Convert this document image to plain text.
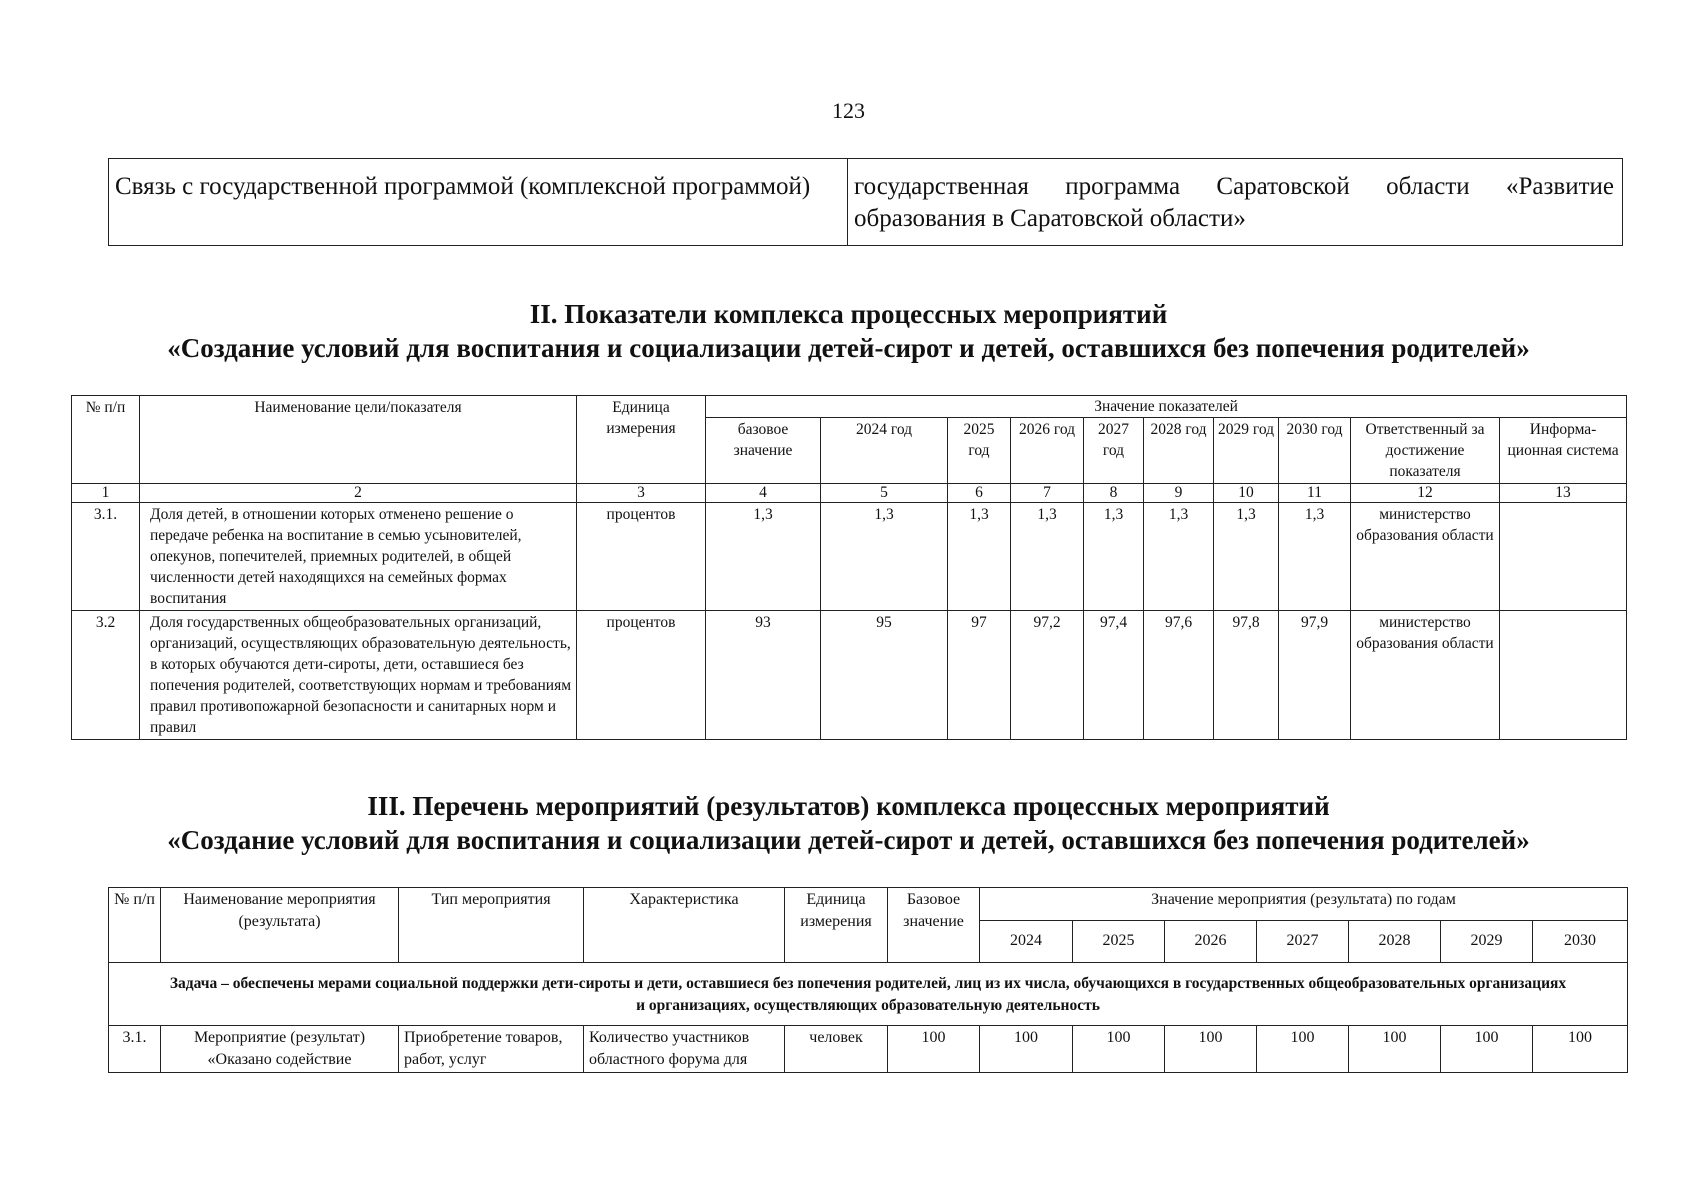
123
Связь с государственной программой (комплексной программой)	государственная программа Саратовской области «Развитие образования в Саратовской области»
II. Показатели комплекса процессных мероприятий
«Создание условий для воспитания и социализации детей-сирот и детей, оставшихся без попечения родителей»
№ п/п	Наименование цели/показателя	Единица измерения	Значение показателей									
			базовое значение	2024 год	2025 год	2026 год	2027 год	2028 год	2029 год	2030 год	Ответственный за достижение показателя	Информа-ционная система
1	2	3	4	5	6	7	8	9	10	11	12	13
3.1.	Доля детей, в отношении которых отменено решение о передаче ребенка на воспитание в семью усыновителей, опекунов, попечителей, приемных родителей, в общей численности детей находящихся на семейных формах воспитания	процентов	1,3	1,3	1,3	1,3	1,3	1,3	1,3	1,3	министерство образования области	
3.2	Доля государственных общеобразовательных организаций, организаций, осуществляющих образовательную деятельность, в которых обучаются дети-сироты, дети, оставшиеся без попечения родителей, соответствующих нормам и требованиям правил противопожарной безопасности и санитарных норм и правил	процентов	93	95	97	97,2	97,4	97,6	97,8	97,9	министерство образования области	
III. Перечень мероприятий (результатов) комплекса процессных мероприятий
«Создание условий для воспитания и социализации детей-сирот и детей, оставшихся без попечения родителей»
№ п/п	Наименование мероприятия (результата)	Тип мероприятия	Характеристика	Единица измерения	Базовое значение	Значение мероприятия (результата) по годам						
						2024	2025	2026	2027	2028	2029	2030
Задача – обеспечены мерами социальной поддержки дети-сироты и дети, оставшиеся без попечения родителей, лиц из их числа, обучающихся в государственных общеобразовательных организациях и организациях, осуществляющих образовательную деятельность												
3.1.	Мероприятие (результат) «Оказано содействие	Приобретение товаров, работ, услуг	Количество участников областного форума для	человек	100	100	100	100	100	100	100	100
